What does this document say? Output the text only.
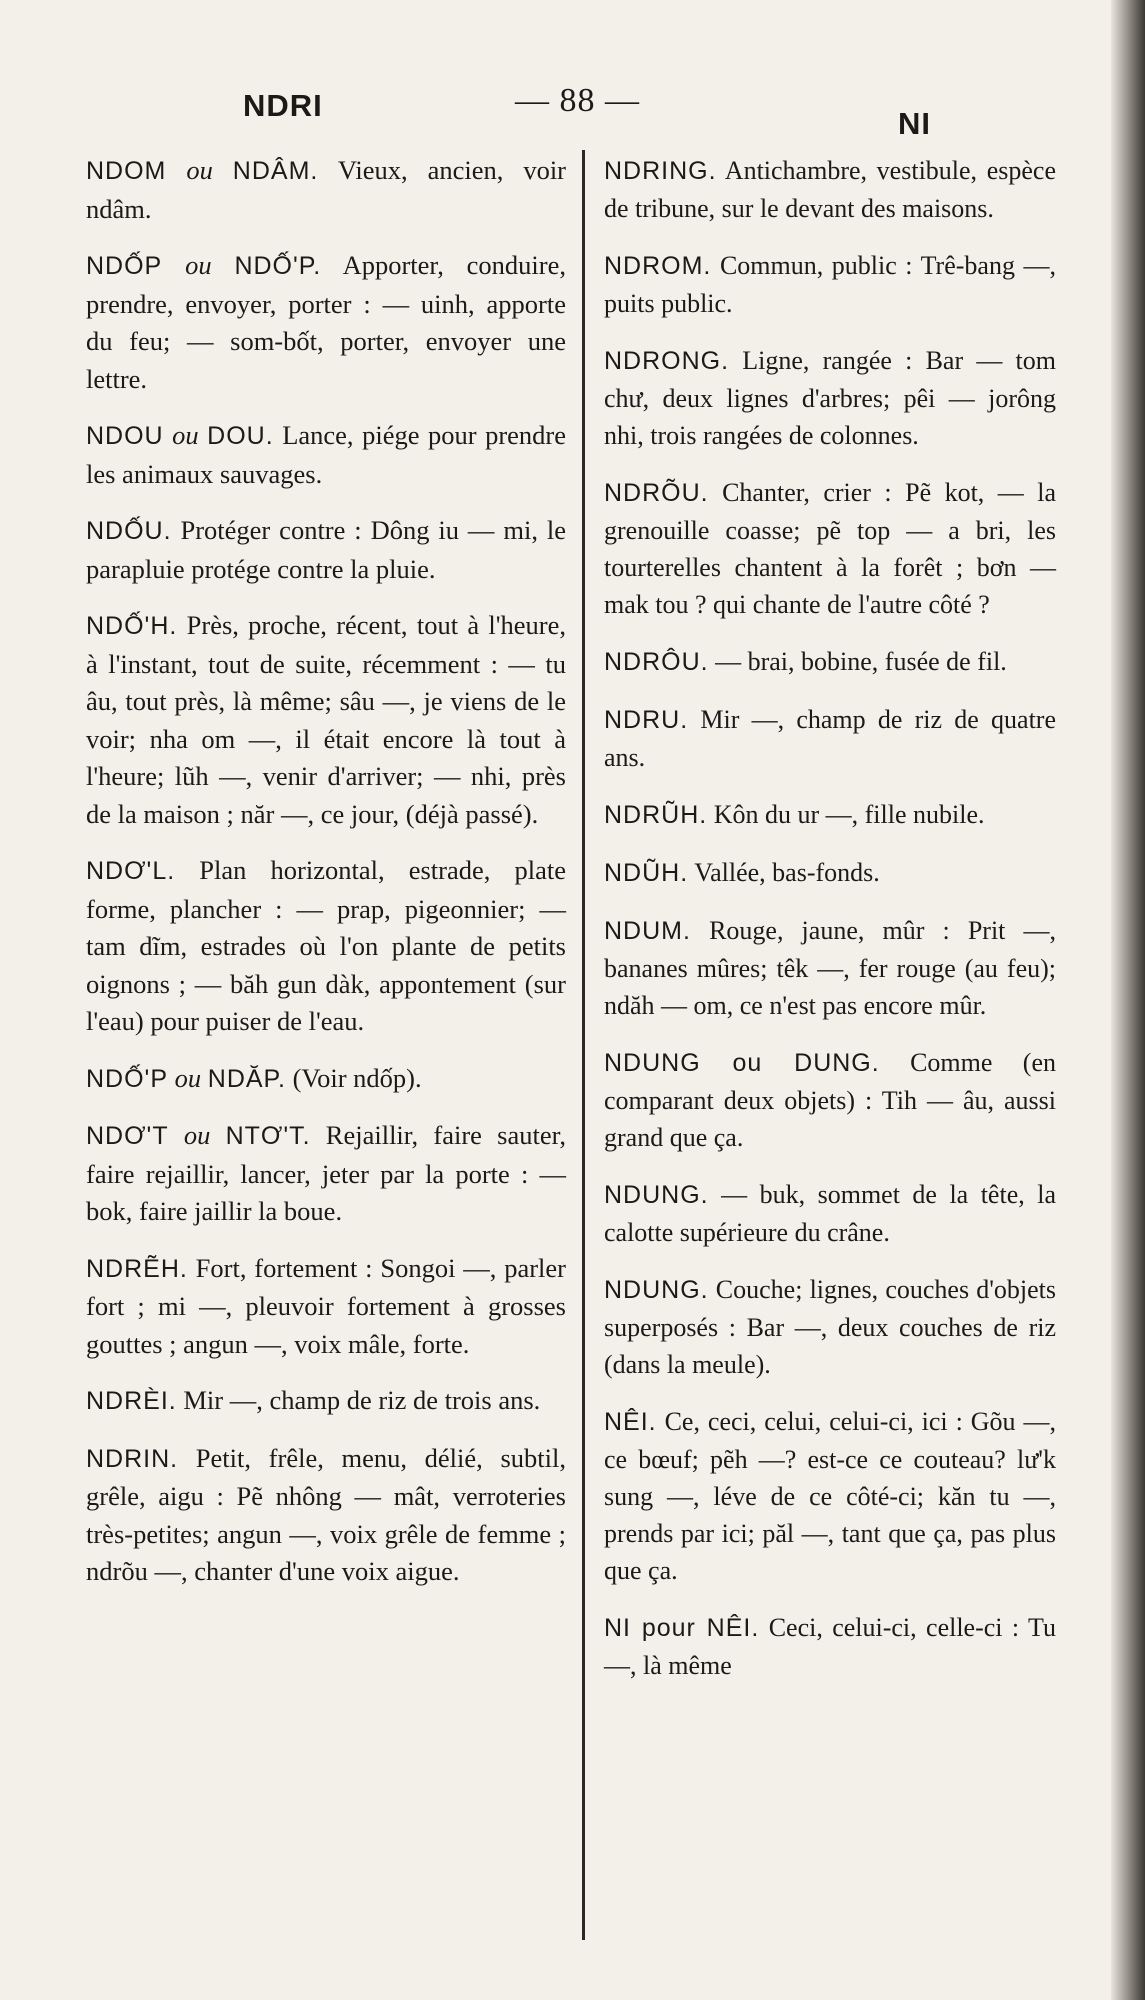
NDRI	— 88 —
NI

NDOM ou NDÂM. Vieux, ancien, voir ndâm.

NDỐP ou NDỐ'P. Apporter, conduire, prendre, envoyer, porter : — uinh, apporte du feu; — som-bốt, porter, envoyer une lettre.

NDOU ou DOU. Lance, piége pour prendre les animaux sauvages.

NDỐU. Protéger contre : Dông iu — mi, le parapluie protége contre la pluie.

NDỐ'H. Près, proche, récent, tout à l'heure, à l'instant, tout de suite, récemment : — tu âu, tout près, là même; sâu —, je viens de le voir; nha om —, il était encore là tout à l'heure; lũh —, venir d'arriver; — nhi, près de la maison ; năr —, ce jour, (déjà passé).

NDƠ'L. Plan horizontal, estrade, plate forme, plancher : — prap, pigeonnier; — tam dĩm, estrades où l'on plante de petits oignons ; — băh gun dàk, appontement (sur l'eau) pour puiser de l'eau.

NDỐ'P ou NDĂP. (Voir ndốp).

NDƠ'T ou NTƠ'T. Rejaillir, faire sauter, faire rejaillir, lancer, jeter par la porte : — bok, faire jaillir la boue.

NDRẼH. Fort, fortement : Songoi —, parler fort ; mi —, pleuvoir fortement à grosses gouttes ; angun —, voix mâle, forte.

NDRÈI. Mir —, champ de riz de trois ans.

NDRIN. Petit, frêle, menu, délié, subtil, grêle, aigu : Pẽ nhông — mât, verroteries très-petites; angun —, voix grêle de femme ; ndrõu —, chanter d'une voix aigue.

NDRING. Antichambre, vestibule, espèce de tribune, sur le devant des maisons.

NDROM. Commun, public : Trê-bang —, puits public.

NDRONG. Ligne, rangée : Bar — tom chư, deux lignes d'arbres; pêi — jorông nhi, trois rangées de colonnes.

NDRÕU. Chanter, crier : Pẽ kot, — la grenouille coasse; pẽ top — a bri, les tourterelles chantent à la forêt ; bơn — mak tou ? qui chante de l'autre côté ?

NDRÔU. — brai, bobine, fusée de fil.

NDRU. Mir —, champ de riz de quatre ans.

NDRŨH. Kôn du ur —, fille nubile.

NDŨH. Vallée, bas-fonds.

NDUM. Rouge, jaune, mûr : Prit —, bananes mûres; têk —, fer rouge (au feu); ndăh — om, ce n'est pas encore mûr.

NDUNG ou DUNG. Comme (en comparant deux objets) : Tih — âu, aussi grand que ça.

NDUNG. — buk, sommet de la tête, la calotte supérieure du crâne.

NDUNG. Couche; lignes, couches d'objets superposés : Bar —, deux couches de riz (dans la meule).

NÊI. Ce, ceci, celui, celui-ci, ici : Gõu —, ce bœuf; pẽh —? est-ce ce couteau? lư'k sung —, léve de ce côté-ci; kăn tu —, prends par ici; păl —, tant que ça, pas plus que ça.

NI pour NÊI. Ceci, celui-ci, celle-ci : Tu —, là même
